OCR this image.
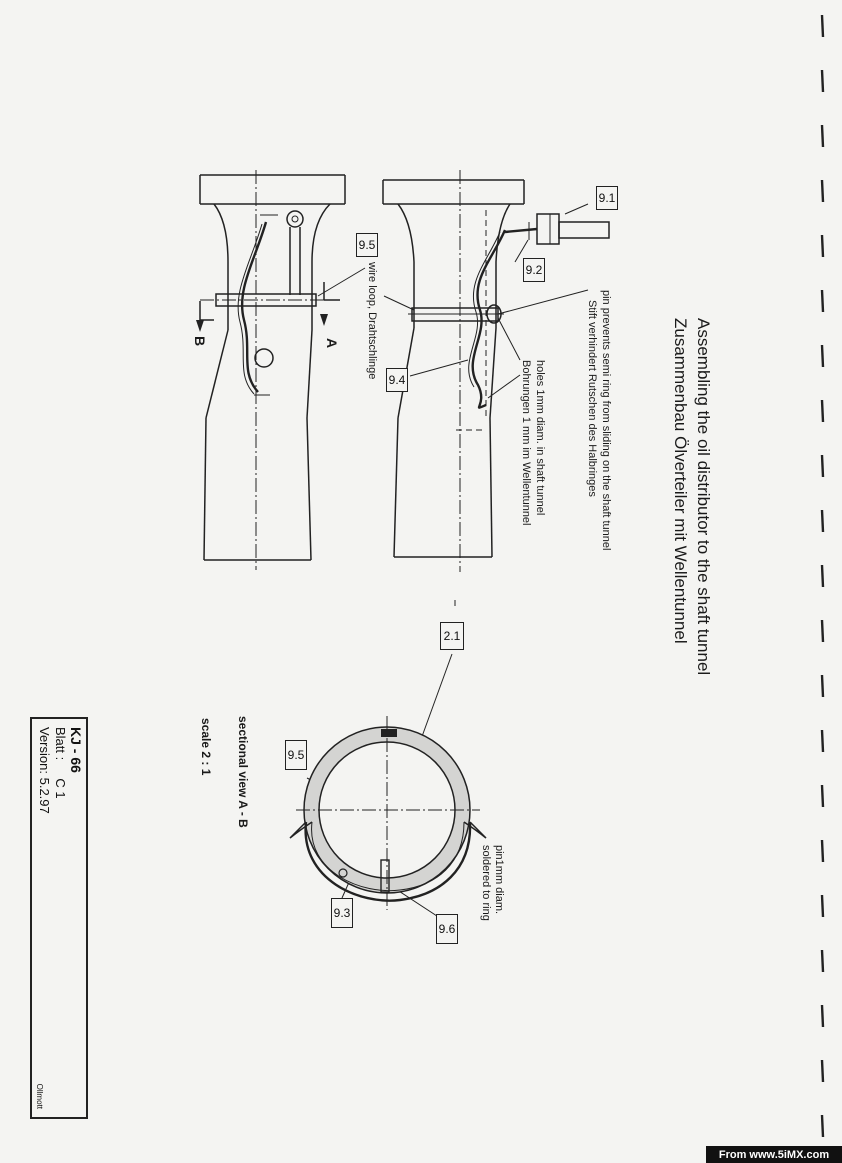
Assembling the oil distributor to the shaft tunnel
Zusammenbau Ölverteiler mit Wellentunnel
pin prevents semi ring from sliding on the shaft tunnel
Stift verhindert Rutschen des Halbringes
holes 1mm diam. in shaft tunnel
Bohrungen 1 mm im Wellentunnel
wire loop, Drahtschlinge
A
B
pin1mm diam.
soldered to ring
sectional view A - B
scale 2 : 1
9.1
9.2
9.5
9.4
2.1
9.5
9.3
9.6
KJ - 66
Blatt :     C 1
Version: 5.2.97
Ollmott
From www.5iMX.com
